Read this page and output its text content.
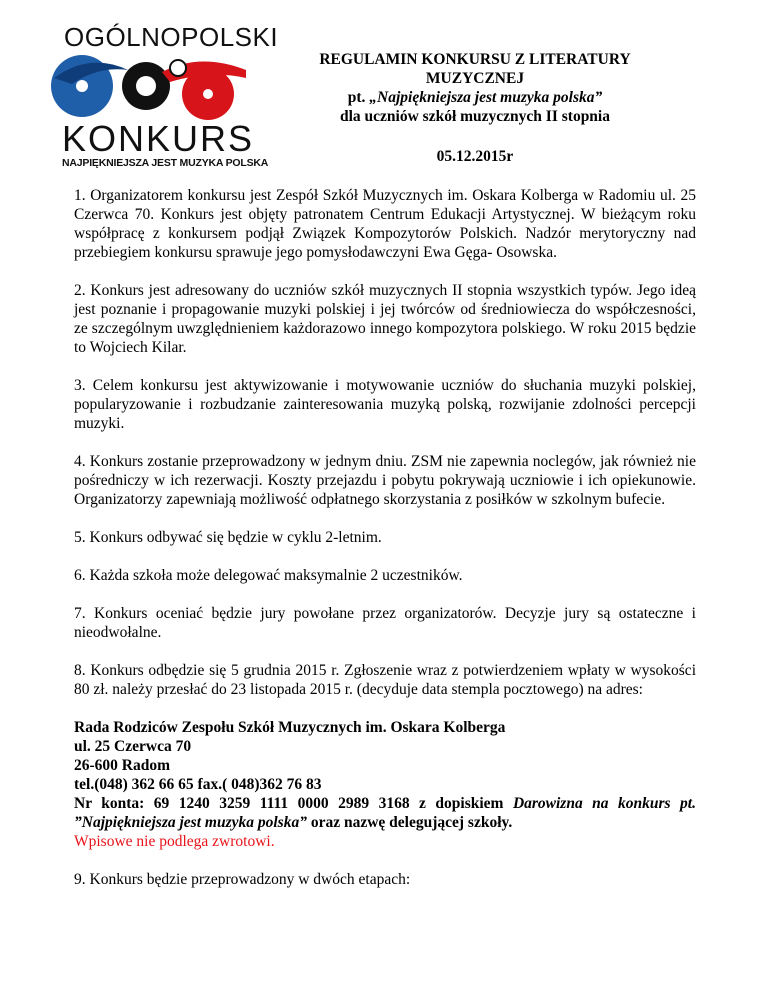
OGÓLNOPOLSKI
KONKURS
NAJPIĘKNIEJSZA JEST MUZYKA POLSKA
REGULAMIN KONKURSU Z LITERATURY
MUZYCZNEJ
pt. „Najpiękniejsza jest muzyka polska”
dla uczniów szkół muzycznych II stopnia
05.12.2015r

1. Organizatorem konkursu jest Zespół Szkół Muzycznych im. Oskara Kolberga w Radomiu ul. 25 Czerwca 70. Konkurs jest objęty patronatem Centrum Edukacji Artystycznej. W bieżącym roku współpracę z konkursem podjął Związek Kompozytorów Polskich. Nadzór merytoryczny nad przebiegiem konkursu sprawuje jego pomysłodawczyni Ewa Gęga- Osowska.

2. Konkurs jest adresowany do uczniów szkół muzycznych II stopnia wszystkich typów. Jego ideą jest poznanie i propagowanie muzyki polskiej i jej twórców od średniowiecza do współczesności, ze szczególnym uwzględnieniem każdorazowo innego kompozytora polskiego. W roku 2015 będzie to Wojciech Kilar.

3. Celem konkursu jest aktywizowanie i motywowanie uczniów do słuchania muzyki polskiej, popularyzowanie i rozbudzanie zainteresowania muzyką polską, rozwijanie zdolności percepcji muzyki.

4. Konkurs zostanie przeprowadzony w jednym dniu. ZSM nie zapewnia noclegów, jak również nie pośredniczy w ich rezerwacji. Koszty przejazdu i pobytu pokrywają uczniowie i ich opiekunowie. Organizatorzy zapewniają możliwość odpłatnego skorzystania z posiłków w szkolnym bufecie.

5. Konkurs odbywać się będzie w cyklu 2-letnim.

6. Każda szkoła może delegować maksymalnie 2 uczestników.

7. Konkurs oceniać będzie jury powołane przez organizatorów. Decyzje jury są ostateczne i nieodwołalne.

8. Konkurs odbędzie się 5 grudnia 2015 r. Zgłoszenie wraz z potwierdzeniem wpłaty w wysokości 80 zł. należy przesłać do 23 listopada 2015 r. (decyduje data stempla pocztowego) na adres:

Rada Rodziców Zespołu Szkół Muzycznych im. Oskara Kolberga
ul. 25 Czerwca 70
26-600 Radom
tel.(048) 362 66 65 fax.( 048)362 76 83

Nr konta: 69 1240 3259 1111 0000 2989 3168 z dopiskiem Darowizna na konkurs pt. ”Najpiękniejsza jest muzyka polska” oraz nazwę delegującej szkoły.
Wpisowe nie podlega zwrotowi.

9. Konkurs będzie przeprowadzony w dwóch etapach:
